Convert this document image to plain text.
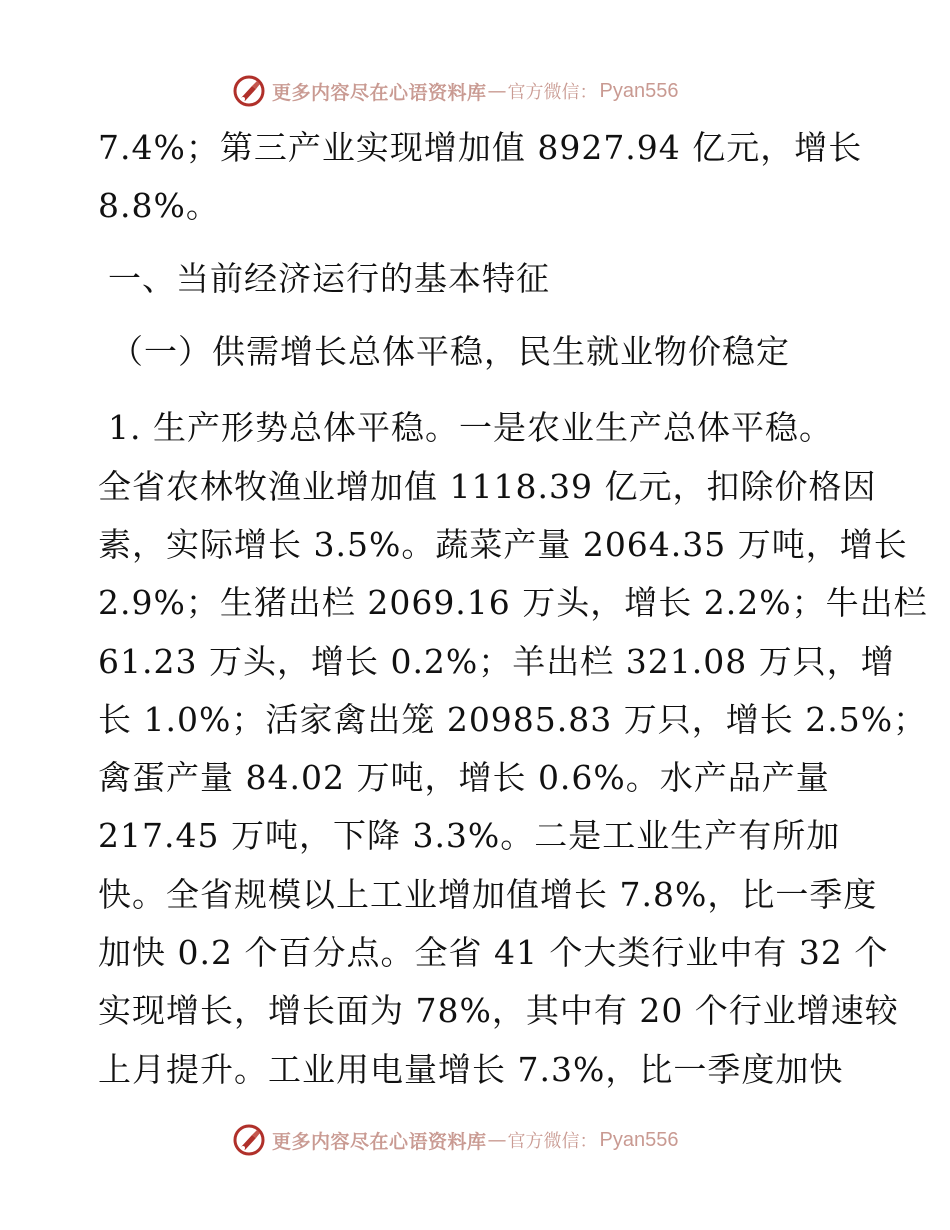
更多内容尽在心语资料库 — 官方微信： Pyan556
7.4%；第三产业实现增加值 8927.94 亿元，增长
8.8%。
一、当前经济运行的基本特征
（一）供需增长总体平稳，民生就业物价稳定
1. 生产形势总体平稳。一是农业生产总体平稳。
全省农林牧渔业增加值 1118.39 亿元，扣除价格因
素，实际增长 3.5%。蔬菜产量 2064.35 万吨，增长
2.9%；生猪出栏 2069.16 万头，增长 2.2%；牛出栏
61.23 万头，增长 0.2%；羊出栏 321.08 万只，增
长 1.0%；活家禽出笼 20985.83 万只，增长 2.5%；
禽蛋产量 84.02 万吨，增长 0.6%。水产品产量
217.45 万吨，下降 3.3%。二是工业生产有所加
快。全省规模以上工业增加值增长 7.8%，比一季度
加快 0.2 个百分点。全省 41 个大类行业中有 32 个
实现增长，增长面为 78%，其中有 20 个行业增速较
上月提升。工业用电量增长 7.3%，比一季度加快
更多内容尽在心语资料库 — 官方微信： Pyan556
